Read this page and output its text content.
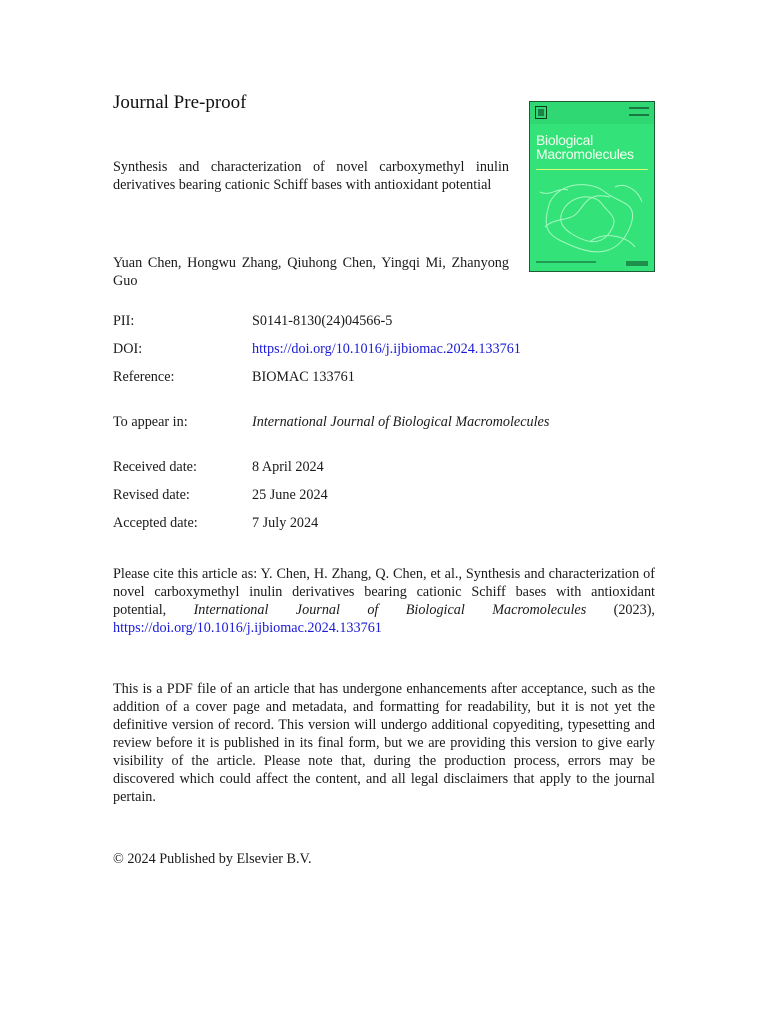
Journal Pre-proof
Synthesis and characterization of novel carboxymethyl inulin derivatives bearing cationic Schiff bases with antioxidant potential
Yuan Chen, Hongwu Zhang, Qiuhong Chen, Yingqi Mi, Zhanyong Guo
Biological
Macromolecules
PII:	S0141-8130(24)04566-5
DOI:	https://doi.org/10.1016/j.ijbiomac.2024.133761
Reference:	BIOMAC 133761
To appear in:	International Journal of Biological Macromolecules
Received date:	8 April 2024
Revised date:	25 June 2024
Accepted date:	7 July 2024
Please cite this article as: Y. Chen, H. Zhang, Q. Chen, et al., Synthesis and characterization of novel carboxymethyl inulin derivatives bearing cationic Schiff bases with antioxidant potential, International Journal of Biological Macromolecules (2023), https://doi.org/10.1016/j.ijbiomac.2024.133761
This is a PDF file of an article that has undergone enhancements after acceptance, such as the addition of a cover page and metadata, and formatting for readability, but it is not yet the definitive version of record. This version will undergo additional copyediting, typesetting and review before it is published in its final form, but we are providing this version to give early visibility of the article. Please note that, during the production process, errors may be discovered which could affect the content, and all legal disclaimers that apply to the journal pertain.
© 2024 Published by Elsevier B.V.
